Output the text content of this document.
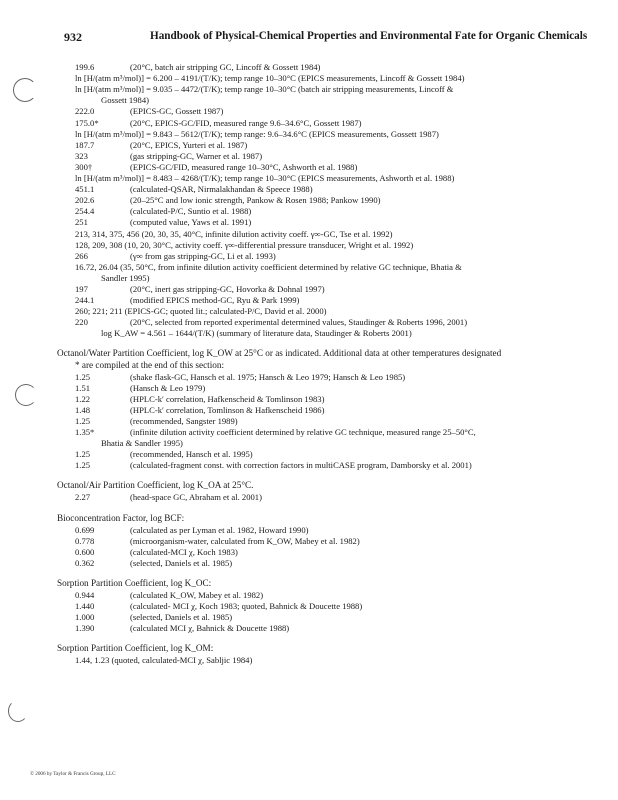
932	Handbook of Physical-Chemical Properties and Environmental Fate for Organic Chemicals
199.6	(20°C, batch air stripping GC, Lincoff & Gossett 1984)
ln [H/(atm m³/mol)] = 6.200 – 4191/(T/K); temp range 10–30°C (EPICS measurements, Lincoff & Gossett 1984)
ln [H/(atm m³/mol)] = 9.035 – 4472/(T/K); temp range 10–30°C (batch air stripping measurements, Lincoff &
Gossett 1984)
222.0	(EPICS-GC, Gossett 1987)
175.0*	(20°C, EPICS-GC/FID, measured range 9.6–34.6°C, Gossett 1987)
ln [H/(atm m³/mol)] = 9.843 – 5612/(T/K); temp range: 9.6–34.6°C (EPICS measurements, Gossett 1987)
187.7	(20°C, EPICS, Yurteri et al. 1987)
323	(gas stripping-GC, Warner et al. 1987)
300†	(EPICS-GC/FID, measured range 10–30°C, Ashworth et al. 1988)
ln [H/(atm m³/mol)] = 8.483 – 4268/(T/K); temp range 10–30°C (EPICS measurements, Ashworth et al. 1988)
451.1	(calculated-QSAR, Nirmalakhandan & Speece 1988)
202.6	(20–25°C and low ionic strength, Pankow & Rosen 1988; Pankow 1990)
254.4	(calculated-P/C, Suntio et al. 1988)
251	(computed value, Yaws et al. 1991)
213, 314, 375, 456 (20, 30, 35, 40°C, infinite dilution activity coeff. γ∞-GC, Tse et al. 1992)
128, 209, 308 (10, 20, 30°C, activity coeff. γ∞-differential pressure transducer, Wright et al. 1992)
266	(γ∞ from gas stripping-GC, Li et al. 1993)
16.72, 26.04 (35, 50°C, from infinite dilution activity coefficient determined by relative GC technique, Bhatia &
Sandler 1995)
197	(20°C, inert gas stripping-GC, Hovorka & Dohnal 1997)
244.1	(modified EPICS method-GC, Ryu & Park 1999)
260; 221; 211 (EPICS-GC; quoted lit.; calculated-P/C, David et al. 2000)
220	(20°C, selected from reported experimental determined values, Staudinger & Roberts 1996, 2001)
log K_AW = 4.561 – 1644/(T/K) (summary of literature data, Staudinger & Roberts 2001)
Octanol/Water Partition Coefficient, log K_OW at 25°C or as indicated. Additional data at other temperatures designated
* are compiled at the end of this section:
1.25	(shake flask-GC, Hansch et al. 1975; Hansch & Leo 1979; Hansch & Leo 1985)
1.51	(Hansch & Leo 1979)
1.22	(HPLC-k′ correlation, Hafkenscheid & Tomlinson 1983)
1.48	(HPLC-k′ correlation, Tomlinson & Hafkenscheid 1986)
1.25	(recommended, Sangster 1989)
1.35*	(infinite dilution activity coefficient determined by relative GC technique, measured range 25–50°C,
Bhatia & Sandler 1995)
1.25	(recommended, Hansch et al. 1995)
1.25	(calculated-fragment const. with correction factors in multiCASE program, Damborsky et al. 2001)
Octanol/Air Partition Coefficient, log K_OA at 25°C.
2.27	(head-space GC, Abraham et al. 2001)
Bioconcentration Factor, log BCF:
0.699	(calculated as per Lyman et al. 1982, Howard 1990)
0.778	(microorganism-water, calculated from K_OW, Mabey et al. 1982)
0.600	(calculated-MCI χ, Koch 1983)
0.362	(selected, Daniels et al. 1985)
Sorption Partition Coefficient, log K_OC:
0.944	(calculated K_OW, Mabey et al. 1982)
1.440	(calculated- MCI χ, Koch 1983; quoted, Bahnick & Doucette 1988)
1.000	(selected, Daniels et al. 1985)
1.390	(calculated MCI χ, Bahnick & Doucette 1988)
Sorption Partition Coefficient, log K_OM:
1.44, 1.23 (quoted, calculated-MCI χ, Sabljic 1984)
© 2006 by Taylor & Francis Group, LLC
